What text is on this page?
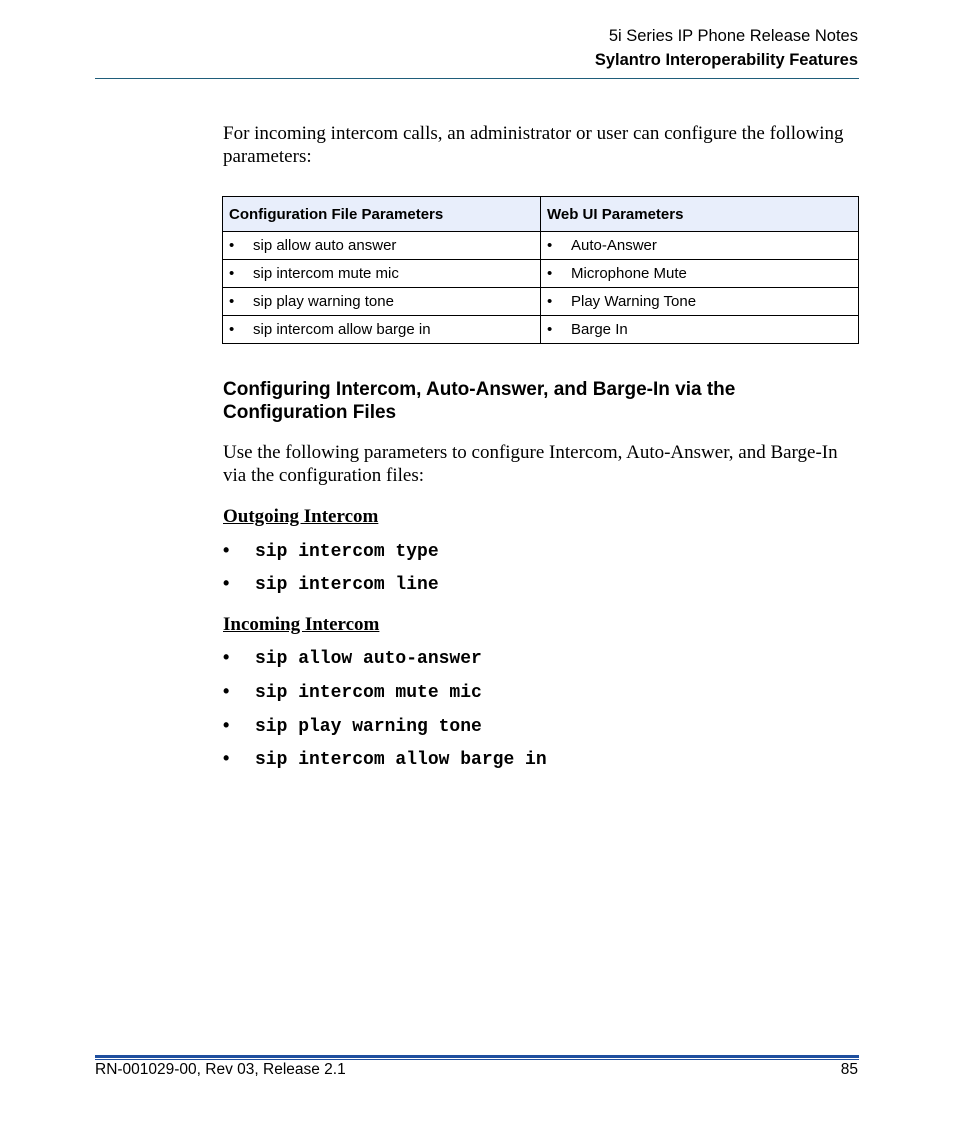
5i Series IP Phone Release Notes
Sylantro Interoperability Features
For incoming intercom calls, an administrator or user can configure the following parameters:
Configuration File Parameters	Web UI Parameters
• sip allow auto answer	• Auto-Answer
• sip intercom mute mic	• Microphone Mute
• sip play warning tone	• Play Warning Tone
• sip intercom allow barge in	• Barge In
Configuring Intercom, Auto-Answer, and Barge-In via the Configuration Files
Use the following parameters to configure Intercom, Auto-Answer, and Barge-In via the configuration files:
Outgoing Intercom
• sip intercom type
• sip intercom line
Incoming Intercom
• sip allow auto-answer
• sip intercom mute mic
• sip play warning tone
• sip intercom allow barge in
RN-001029-00, Rev 03, Release 2.1	85
